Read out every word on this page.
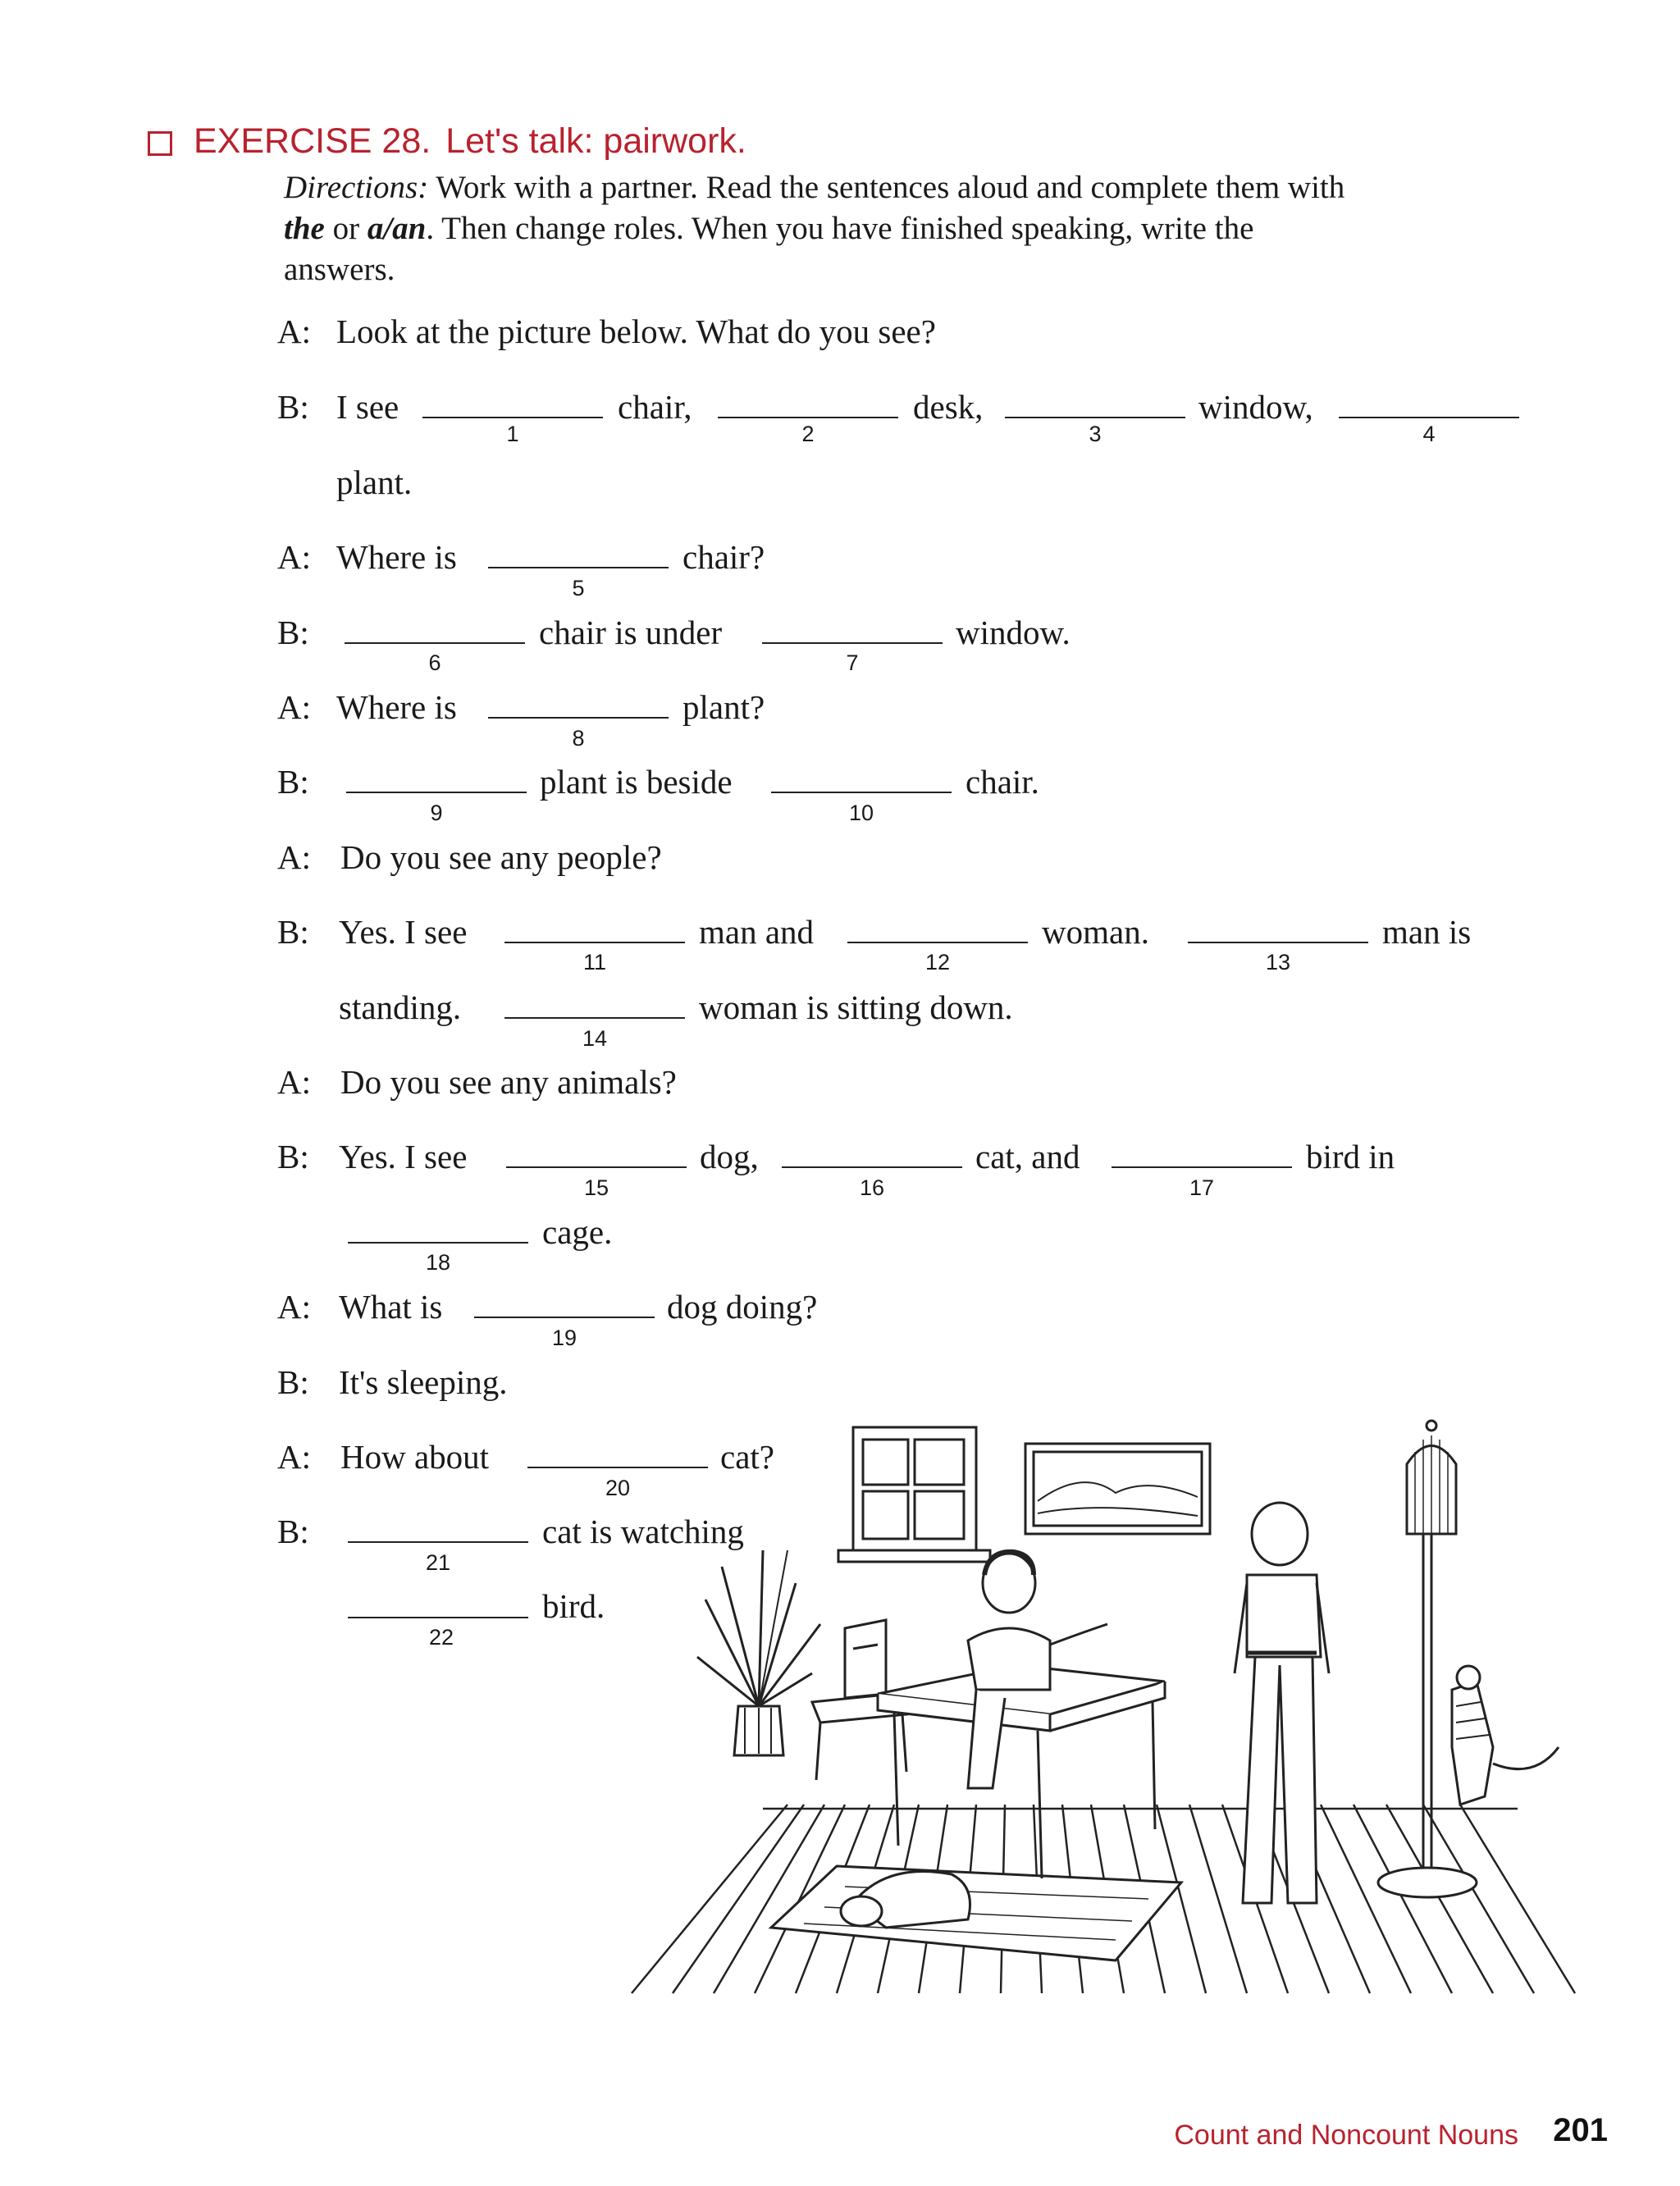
EXERCISE 28. Let's talk: pairwork.
Directions: Work with a partner. Read the sentences aloud and complete them with
the or a/an. Then change roles. When you have finished speaking, write the
answers.
A: Look at the picture below. What do you see?
B: I see
1
chair,
2
desk,
3
window,
4
plant.
A: Where is
5
chair?
B:
6
chair is under
7
window.
A: Where is
8
plant?
B:
9
plant is beside
10
chair.
A: Do you see any people?
B: Yes. I see
11
man and
12
woman.
13
man is
standing.
14
woman is sitting down.
A: Do you see any animals?
B: Yes. I see
15
dog,
16
cat, and
17
bird in
18
cage.
A: What is
19
dog doing?
B: It's sleeping.
A: How about
20
cat?
B:
21
cat is watching
22
bird.
Count and Noncount Nouns 201
